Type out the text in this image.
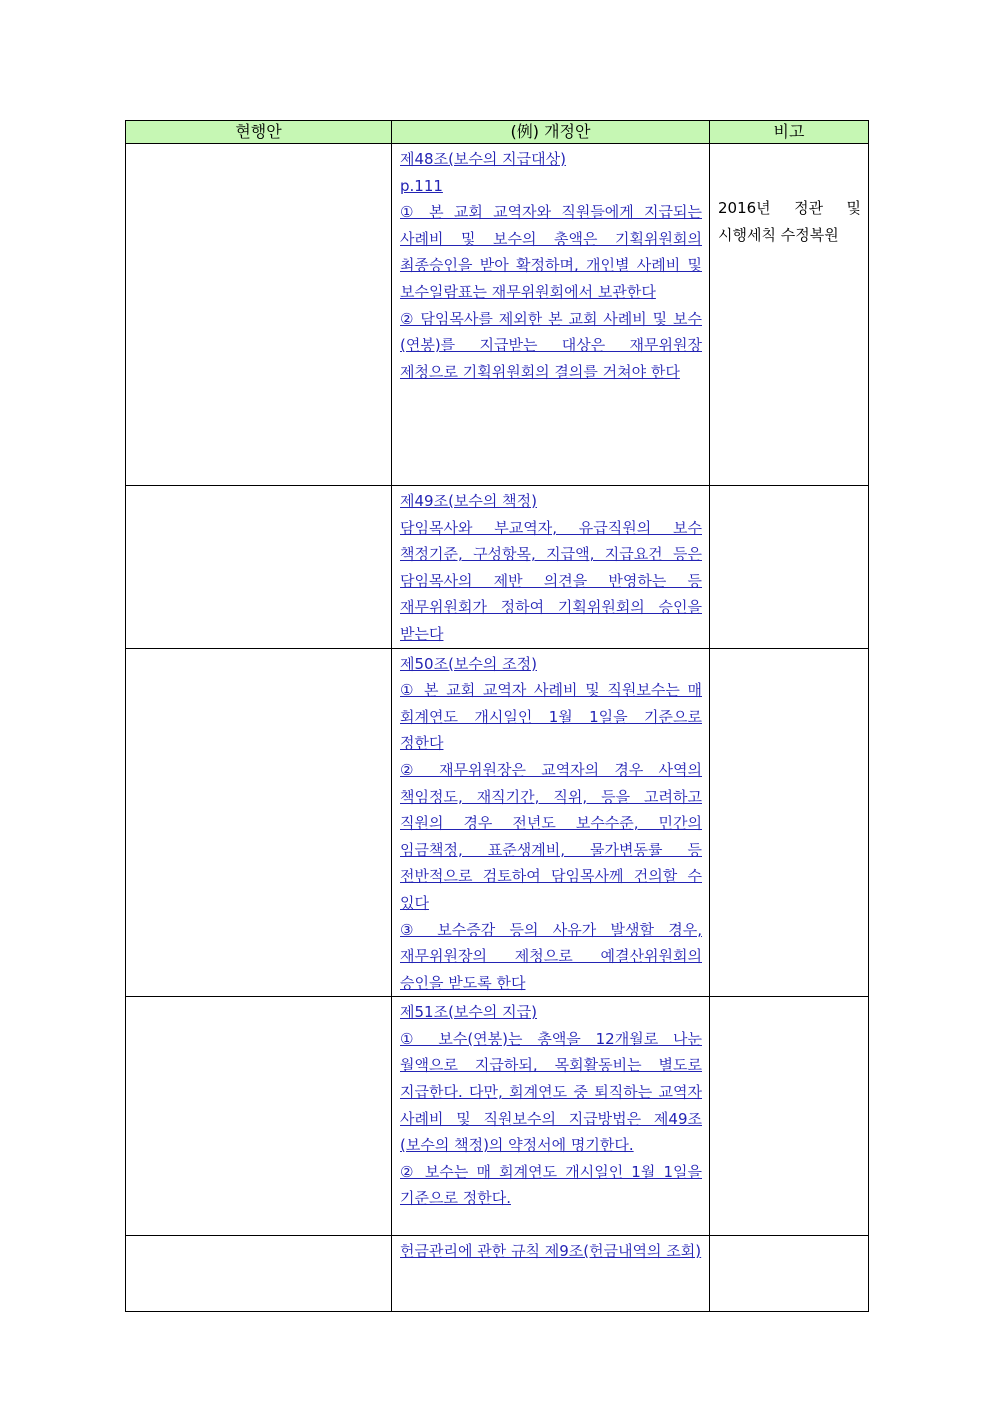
현행안	(例) 개정안	비고

	제48조(보수의 지급대상)

p.111

① 본 교회 교역자와 직원들에게 지급되는 사례비 및 보수의 총액은 기획위원회의 최종승인을 받아 확정하며, 개인별 사례비 및 보수일람표는 재무위원회에서 보관한다

② 담임목사를 제외한 본 교회 사례비 및 보수(연봉)를 지급받는 대상은 재무위원장 제청으로 기획위원회의 결의를 거쳐야 한다	2016년 정관 및 시행세칙 수정복원

	제49조(보수의 책정)

담임목사와 부교역자, 유급직원의 보수 책정기준, 구성항목, 지급액, 지급요건 등은 담임목사의 제반 의견을 반영하는 등 재무위원회가 정하여 기획위원회의 승인을 받는다	

	제50조(보수의 조정)

① 본 교회 교역자 사례비 및 직원보수는 매 회계연도 개시일인 1월 1일을 기준으로 정한다

② 재무위원장은 교역자의 경우 사역의 책임정도, 재직기간, 직위, 등을 고려하고 직원의 경우 전년도 보수수준, 민간의 임금책정, 표준생계비, 물가변동률 등 전반적으로 검토하여 담임목사께 건의할 수 있다

③ 보수증감 등의 사유가 발생할 경우, 재무위원장의 제청으로 예결산위원회의 승인을 받도록 한다	

	제51조(보수의 지급)

① 보수(연봉)는 총액을 12개월로 나눈 월액으로 지급하되, 목회활동비는 별도로 지급한다. 다만, 회계연도 중 퇴직하는 교역자 사례비 및 직원보수의 지급방법은 제49조(보수의 책정)의 약정서에 명기한다.

② 보수는 매 회계연도 개시일인 1월 1일을 기준으로 정한다.	

	헌금관리에 관한 규칙 제9조(헌금내역의 조회)	
